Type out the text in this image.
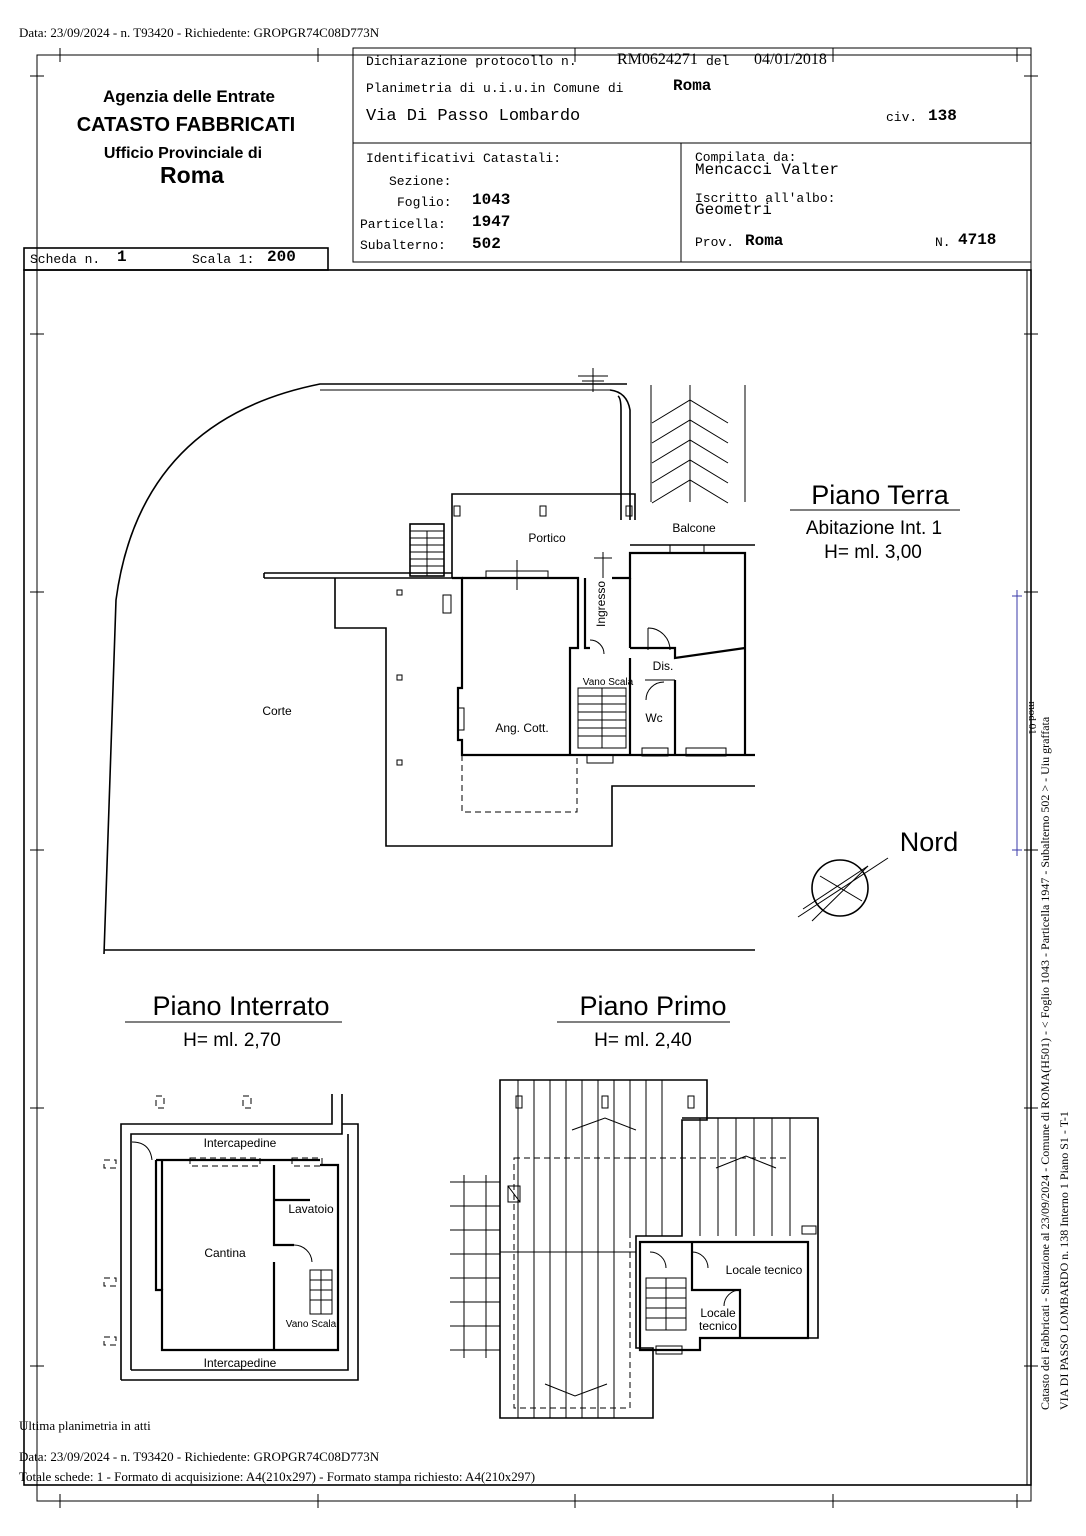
Data: 23/09/2024 - n. T93420 - Richiedente: GROPGR74C08D773N
Agenzia delle Entrate
CATASTO FABBRICATI
Ufficio Provinciale di
Roma
Dichiarazione protocollo n.	RM0624271 del 04/01/2018
Planimetria di u.i.u.in Comune di	Roma
Via Di Passo Lombardo	civ. 138
Identificativi Catastali:
Sezione:
Foglio: 1043
Particella: 1947
Subalterno: 502
Compilata da:
Mencacci Valter
Iscritto all'albo:
Geometri
Prov. Roma	N. 4718
Scheda n. 1	Scala 1: 200
Portico
Balcone
Ingresso
Dis.
Vano Scala
Wc
Ang. Cott.
Corte
Piano Terra
Abitazione Int. 1
H= ml. 3,00
Nord
mod 01
Piano Interrato
H= ml. 2,70
Intercapedine
Lavatoio
Cantina
Vano Scala
Intercapedine
Piano Primo
H= ml. 2,40
Locale tecnico
Locale
tecnico
Ultima planimetria in atti
Data: 23/09/2024 - n. T93420 - Richiedente: GROPGR74C08D773N
Totale schede: 1 - Formato di acquisizione: A4(210x297) - Formato stampa richiesto: A4(210x297)
Catasto dei Fabbricati - Situazione al 23/09/2024 - Comune di ROMA(H501) - < Foglio 1043 - Particella 1947 - Subalterno 502 > - Uiu graffata VIA DI PASSO LOMBARDO n. 138 Interno 1 Piano S1 - T-1
